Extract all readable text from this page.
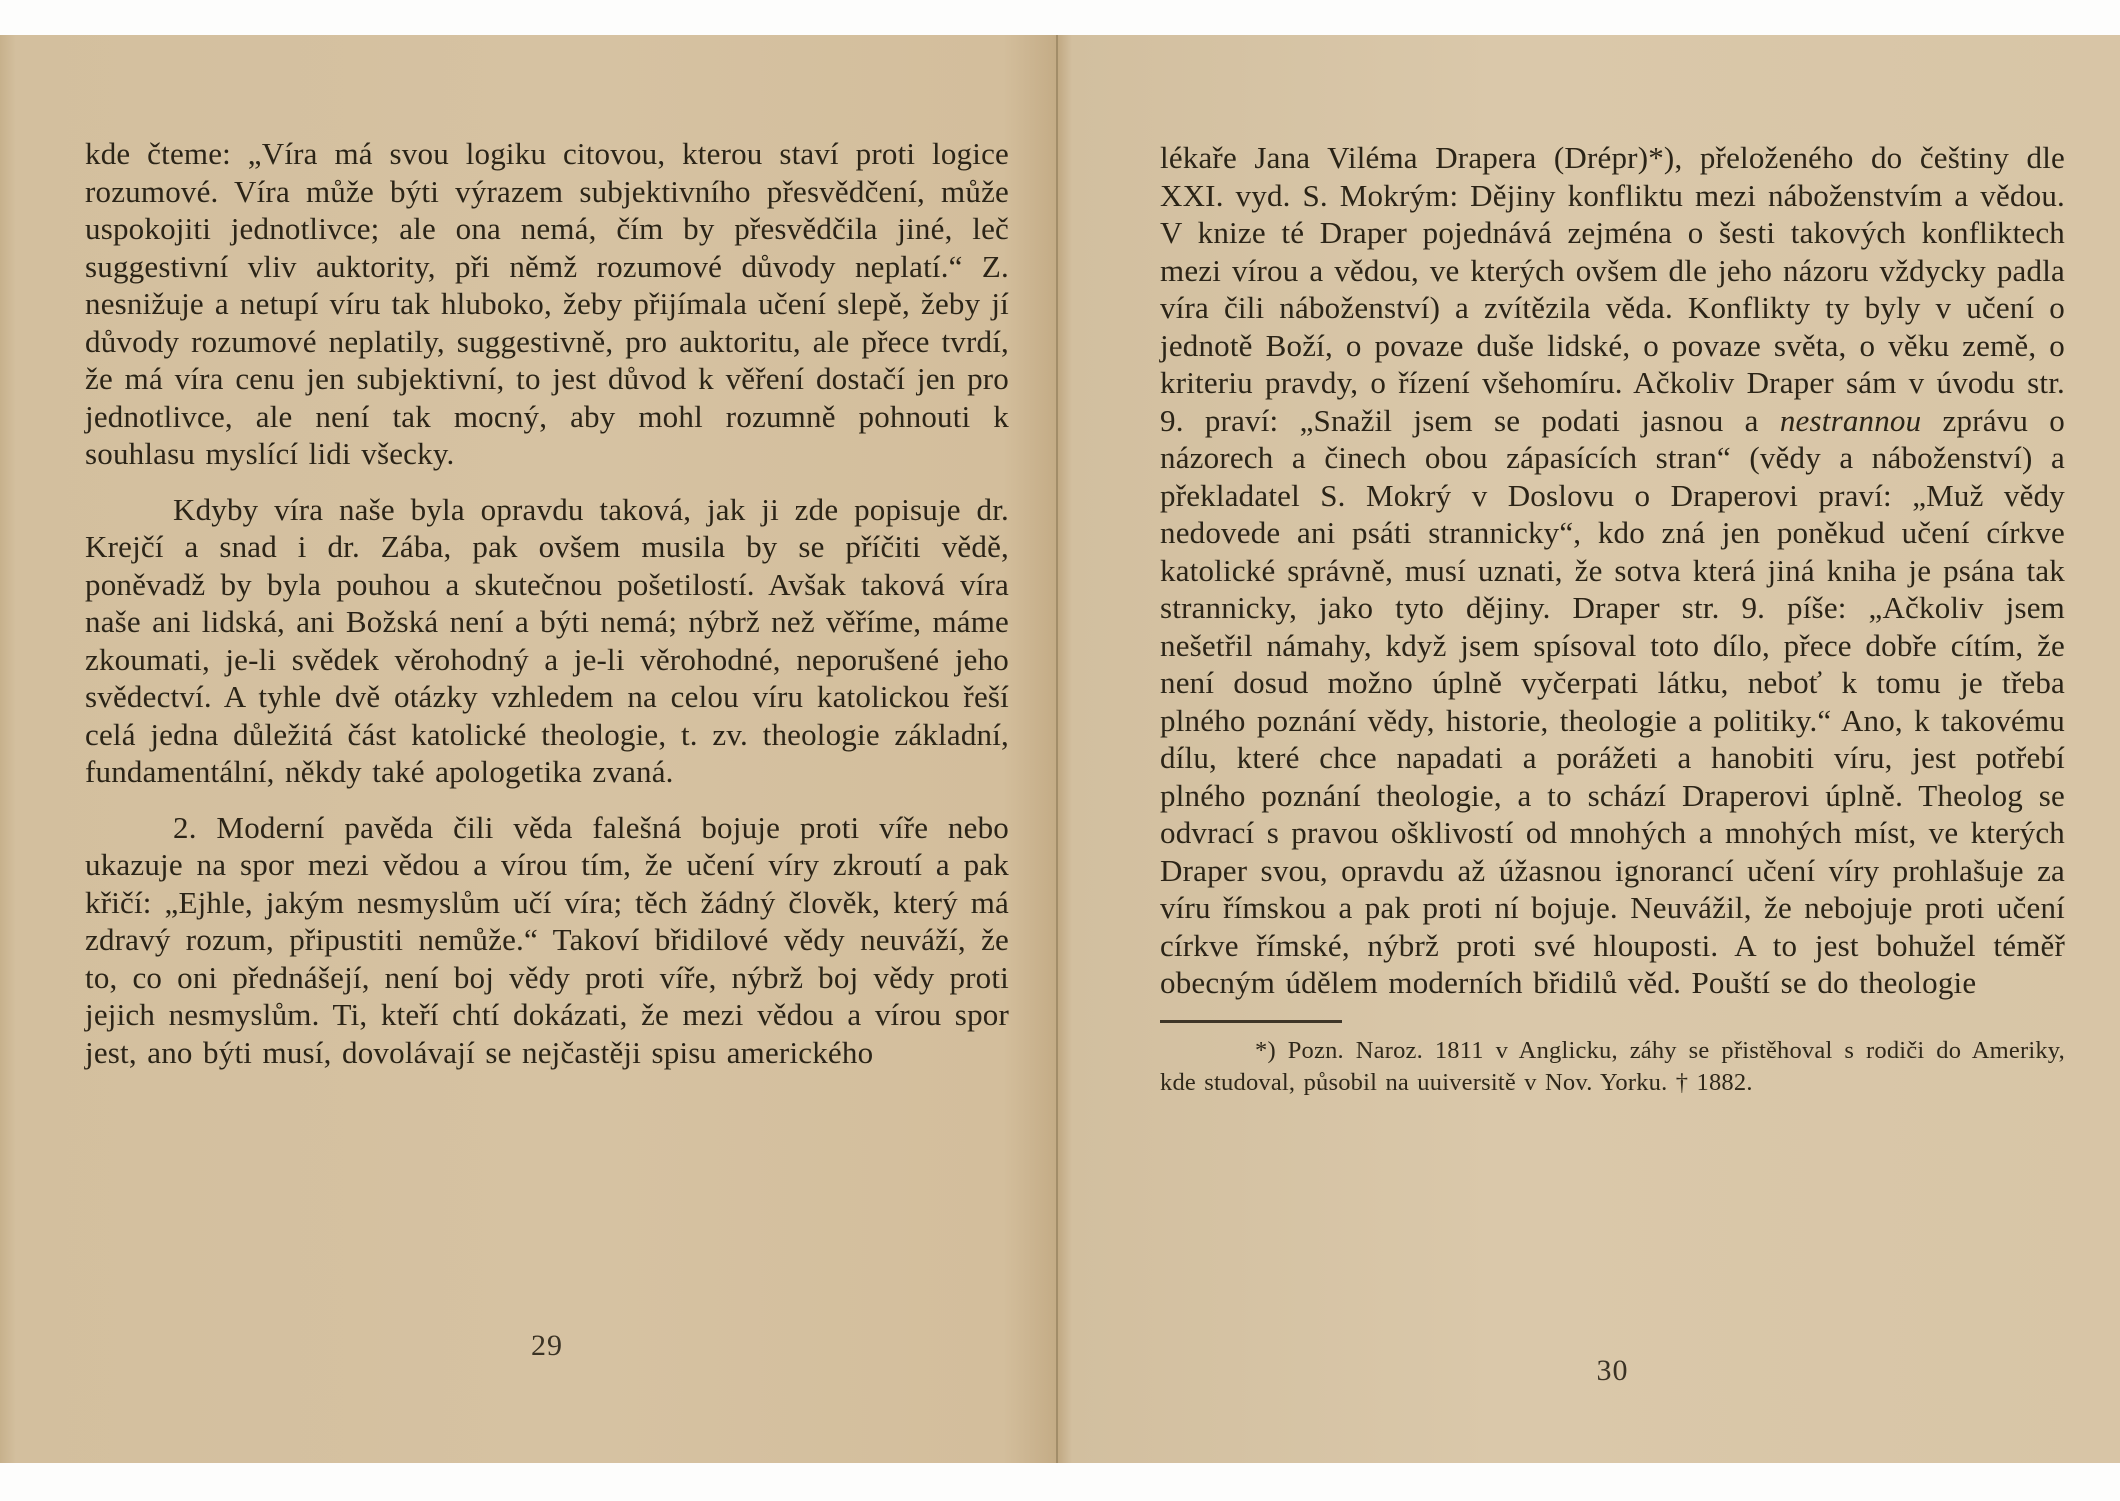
kde čteme: „Víra má svou logiku citovou, kterou staví proti logice rozumové. Víra může býti výrazem subjektivního přesvědčení, může uspokojiti jednotlivce; ale ona nemá, čím by přesvědčila jiné, leč suggestivní vliv auktority, při němž rozumové důvody neplatí.“ Z. nesnižuje a netupí víru tak hluboko, žeby přijímala učení slepě, žeby jí důvody rozumové neplatily, suggestivně, pro auktoritu, ale přece tvrdí, že má víra cenu jen subjektivní, to jest důvod k věření dostačí jen pro jednotlivce, ale není tak mocný, aby mohl rozumně pohnouti k souhlasu myslící lidi všecky.

Kdyby víra naše byla opravdu taková, jak ji zde popisuje dr. Krejčí a snad i dr. Zába, pak ovšem musila by se příčiti vědě, poněvadž by byla pouhou a skutečnou pošetilostí. Avšak taková víra naše ani lidská, ani Božská není a býti nemá; nýbrž než věříme, máme zkoumati, je-li svědek věrohodný a je-li věrohodné, neporušené jeho svědectví. A tyhle dvě otázky vzhledem na celou víru katolickou řeší celá jedna důležitá část katolické theologie, t. zv. theologie základní, fundamentální, někdy také apologetika zvaná.

2. Moderní pavěda čili věda falešná bojuje proti víře nebo ukazuje na spor mezi vědou a vírou tím, že učení víry zkroutí a pak křičí: „Ejhle, jakým nesmyslům učí víra; těch žádný člověk, který má zdravý rozum, připustiti nemůže.“ Takoví břidilové vědy neuváží, že to, co oni přednášejí, není boj vědy proti víře, nýbrž boj vědy proti jejich nesmyslům. Ti, kteří chtí dokázati, že mezi vědou a vírou spor jest, ano býti musí, dovolávají se nejčastěji spisu amerického

29

lékaře Jana Viléma Drapera (Drépr)*), přeloženého do češtiny dle XXI. vyd. S. Mokrým: Dějiny konfliktu mezi náboženstvím a vědou. V knize té Draper pojednává zejména o šesti takových konfliktech mezi vírou a vědou, ve kterých ovšem dle jeho názoru vždycky padla víra čili náboženství) a zvítězila věda. Konflikty ty byly v učení o jednotě Boží, o povaze duše lidské, o povaze světa, o věku země, o kriteriu pravdy, o řízení všehomíru. Ačkoliv Draper sám v úvodu str. 9. praví: „Snažil jsem se podati jasnou a nestrannou zprávu o názorech a činech obou zápasících stran“ (vědy a náboženství) a překladatel S. Mokrý v Doslovu o Draperovi praví: „Muž vědy nedovede ani psáti strannicky“, kdo zná jen poněkud učení církve katolické správně, musí uznati, že sotva která jiná kniha je psána tak strannicky, jako tyto dějiny. Draper str. 9. píše: „Ačkoliv jsem nešetřil námahy, když jsem spísoval toto dílo, přece dobře cítím, že není dosud možno úplně vyčerpati látku, neboť k tomu je třeba plného poznání vědy, historie, theologie a politiky.“ Ano, k takovému dílu, které chce napadati a porážeti a hanobiti víru, jest potřebí plného poznání theologie, a to schází Draperovi úplně. Theolog se odvrací s pravou ošklivostí od mnohých a mnohých míst, ve kterých Draper svou, opravdu až úžasnou ignorancí učení víry prohlašuje za víru římskou a pak proti ní bojuje. Neuvážil, že nebojuje proti učení církve římské, nýbrž proti své hlouposti. A to jest bohužel téměř obecným údělem moderních břidilů věd. Pouští se do theologie

*) Pozn. Naroz. 1811 v Anglicku, záhy se přistěhoval s rodiči do Ameriky, kde studoval, působil na uuiversitě v Nov. Yorku. † 1882.

30
